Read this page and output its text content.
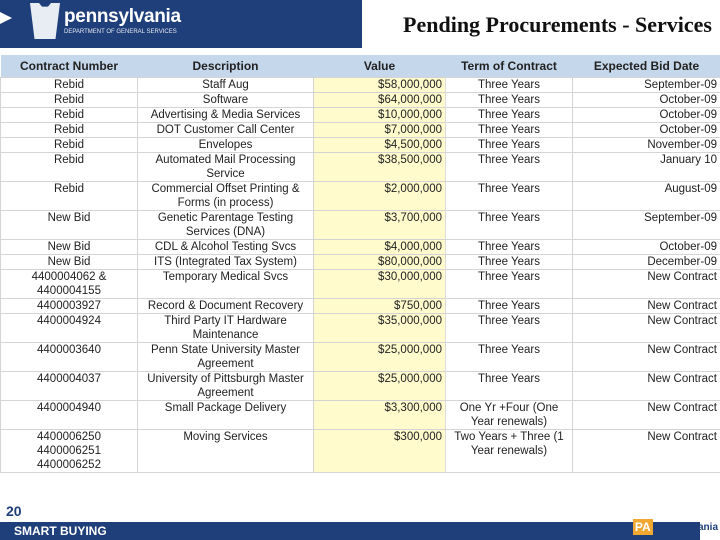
pennsylvania
DEPARTMENT OF GENERAL SERVICES	Pending Procurements - Services
Contract Number	Description	Value	Term of Contract	Expected Bid Date
Rebid	Staff Aug	$58,000,000	Three Years	September-09
Rebid	Software	$64,000,000	Three Years	October-09
Rebid	Advertising & Media Services	$10,000,000	Three Years	October-09
Rebid	DOT Customer Call Center	$7,000,000	Three Years	October-09
Rebid	Envelopes	$4,500,000	Three Years	November-09
Rebid	Automated Mail Processing Service	$38,500,000	Three Years	January 10
Rebid	Commercial Offset Printing & Forms (in process)	$2,000,000	Three Years	August-09
New Bid	Genetic Parentage Testing Services (DNA)	$3,700,000	Three Years	September-09
New Bid	CDL & Alcohol Testing Svcs	$4,000,000	Three Years	October-09
New Bid	ITS (Integrated Tax System)	$80,000,000	Three Years	December-09
4400004062 & 4400004155	Temporary Medical Svcs	$30,000,000	Three Years	New Contract
4400003927	Record & Document Recovery	$750,000	Three Years	New Contract
4400004924	Third Party IT Hardware Maintenance	$35,000,000	Three Years	New Contract
4400003640	Penn State University Master Agreement	$25,000,000	Three Years	New Contract
4400004037	University of Pittsburgh Master Agreement	$25,000,000	Three Years	New Contract
4400004940	Small Package Delivery	$3,300,000	One Yr +Four (One Year renewals)	New Contract
4400006250 4400006251 4400006252	Moving Services	$300,000	Two Years + Three (1 Year renewals)	New Contract
20
SMART BUYING	PA pennsylvania
